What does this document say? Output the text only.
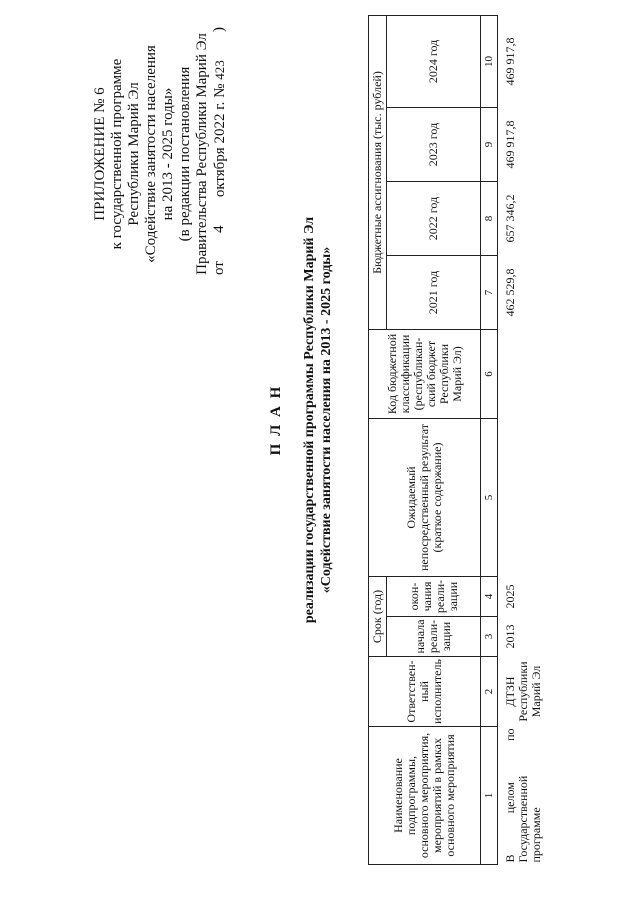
ПРИЛОЖЕНИЕ № 6 к государственной программе Республики Марий Эл «Содействие занятости населения на 2013 - 2025 годы» (в редакции постановления Правительства Республики Марий Эл от
4
октября 2022 г. № 423
)
П Л А Н реализации государственной программы Республики Марий Эл «Содействие занятости населения на 2013 - 2025 годы»
Наименование подпрограммы, основного мероприятия, мероприятий в рамках основного мероприятия	Ответствен-ный исполнитель	Срок (год)		Ожидаемый непосредственный результат (краткое содержание)	Код бюджетной классификации (республикан-ский бюджет Республики Марий Эл)	Бюджетные ассигнования (тыс. рублей)			
		начала реали-зации	окон-чания реали-зации			2021 год	2022 год	2023 год	2024 год
1	2	3	4	5	6	7	8	9	10
В целом по Государственной программе	ДТЗН Республики Марий Эл	2013	2025			462 529,8	657 346,2	469 917,8	469 917,8
